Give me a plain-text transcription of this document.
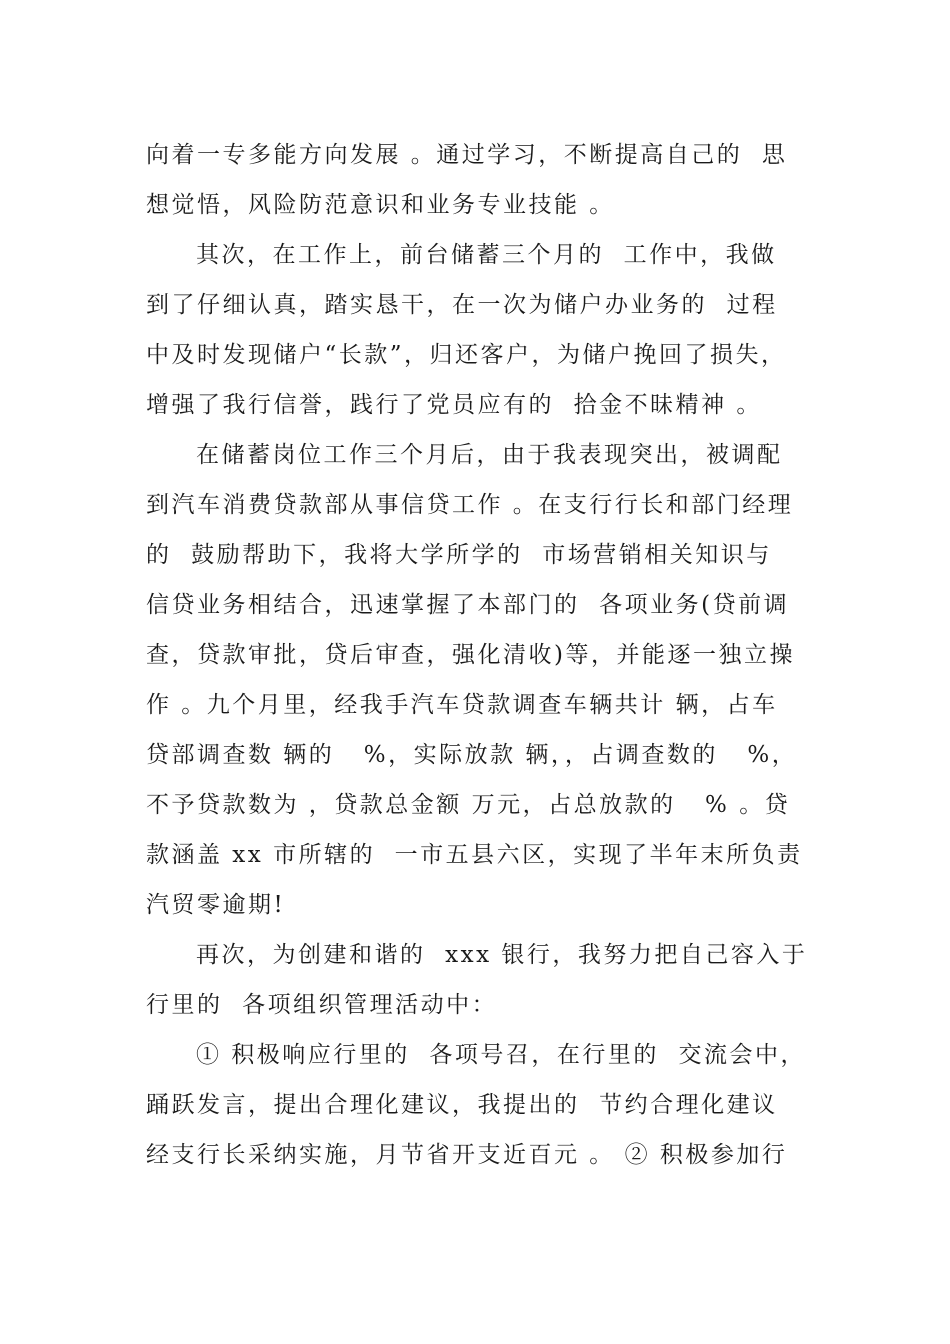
向着一专多能方向发展 。通过学习，不断提高自己的  思
想觉悟，风险防范意识和业务专业技能 。
其次，在工作上，前台储蓄三个月的  工作中，我做
到了仔细认真，踏实恳干，在一次为储户办业务的  过程
中及时发现储户“长款”，归还客户，为储户挽回了损失，
增强了我行信誉，践行了党员应有的  拾金不昧精神 。
在储蓄岗位工作三个月后，由于我表现突出，被调配
到汽车消费贷款部从事信贷工作 。在支行行长和部门经理
的  鼓励帮助下，我将大学所学的  市场营销相关知识与
信贷业务相结合，迅速掌握了本部门的  各项业务(贷前调
查，贷款审批，贷后审查，强化清收)等，并能逐一独立操
作 。九个月里，经我手汽车贷款调查车辆共计 辆，占车
贷部调查数 辆的   %，实际放款 辆，，占调查数的   %，
不予贷款数为 ，贷款总金额 万元，占总放款的   % 。贷
款涵盖 xx 市所辖的  一市五县六区，实现了半年末所负责
汽贸零逾期!
再次，为创建和谐的  xxx 银行，我努力把自己容入于
行里的  各项组织管理活动中：
① 积极响应行里的  各项号召，在行里的  交流会中，
踊跃发言，提出合理化建议，我提出的  节约合理化建议
经支行长采纳实施，月节省开支近百元 。 ② 积极参加行
